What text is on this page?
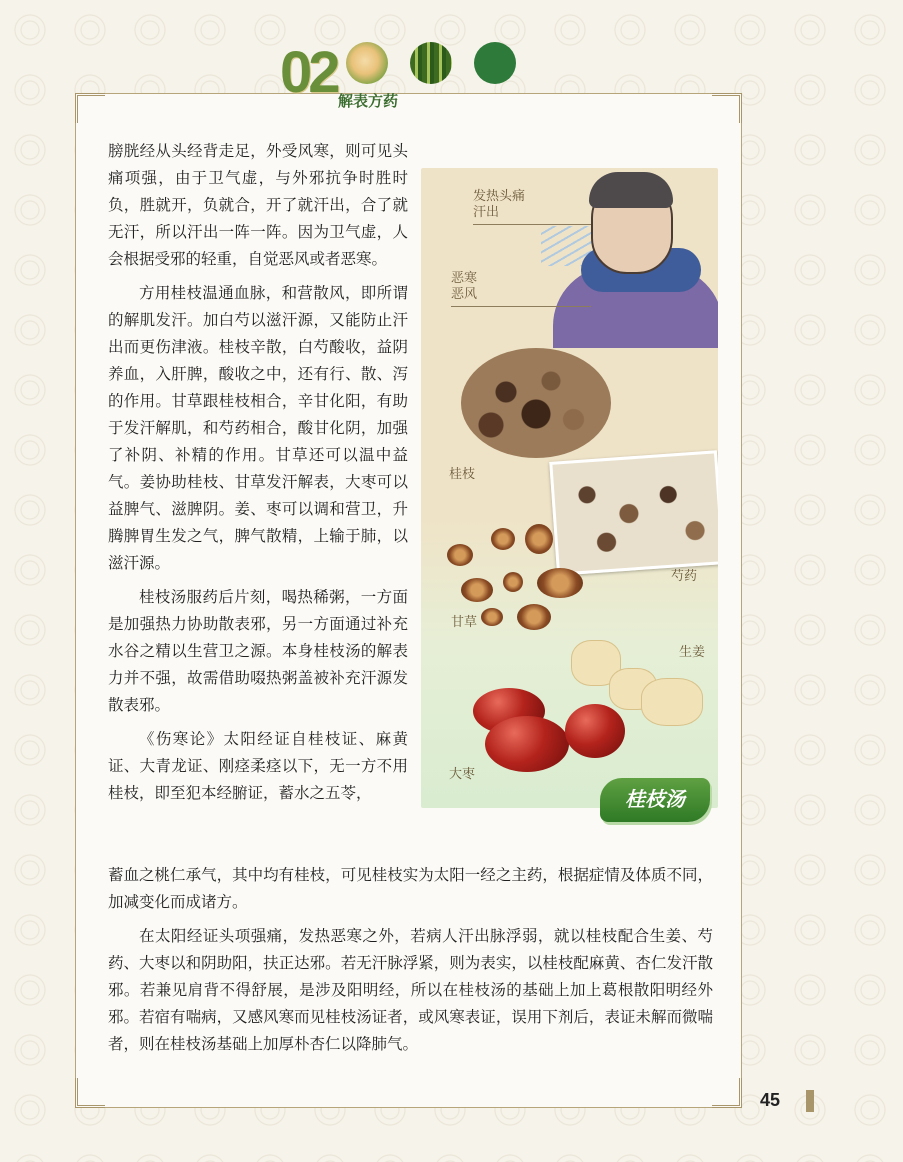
02 解表方药

膀胱经从头经背走足，外受风寒，则可见头痛项强，由于卫气虚，与外邪抗争时胜时负，胜就开，负就合，开了就汗出，合了就无汗，所以汗出一阵一阵。因为卫气虚，人会根据受邪的轻重，自觉恶风或者恶寒。

方用桂枝温通血脉，和营散风，即所谓的解肌发汗。加白芍以滋汗源，又能防止汗出而更伤津液。桂枝辛散，白芍酸收，益阴养血，入肝脾，酸收之中，还有行、散、泻的作用。甘草跟桂枝相合，辛甘化阳，有助于发汗解肌，和芍药相合，酸甘化阴，加强了补阴、补精的作用。甘草还可以温中益气。姜协助桂枝、甘草发汗解表，大枣可以益脾气、滋脾阴。姜、枣可以调和营卫，升腾脾胃生发之气，脾气散精，上输于肺，以滋汗源。

桂枝汤服药后片刻，喝热稀粥，一方面是加强热力协助散表邪，另一方面通过补充水谷之精以生营卫之源。本身桂枝汤的解表力并不强，故需借助啜热粥盖被补充汗源发散表邪。

《伤寒论》太阳经证自桂枝证、麻黄证、大青龙证、刚痉柔痉以下，无一方不用桂枝，即至犯本经腑证，蓄水之五苓，

发热头痛
汗出
恶寒
恶风
桂枝
芍药
甘草
生姜
大枣
桂枝汤

蓄血之桃仁承气，其中均有桂枝，可见桂枝实为太阳一经之主药，根据症情及体质不同，加减变化而成诸方。

在太阳经证头项强痛，发热恶寒之外，若病人汗出脉浮弱，就以桂枝配合生姜、芍药、大枣以和阴助阳，扶正达邪。若无汗脉浮紧，则为表实，以桂枝配麻黄、杏仁发汗散邪。若兼见肩背不得舒展，是涉及阳明经，所以在桂枝汤的基础上加上葛根散阳明经外邪。若宿有喘病，又感风寒而见桂枝汤证者，或风寒表证，误用下剂后，表证未解而微喘者，则在桂枝汤基础上加厚朴杏仁以降肺气。

45
